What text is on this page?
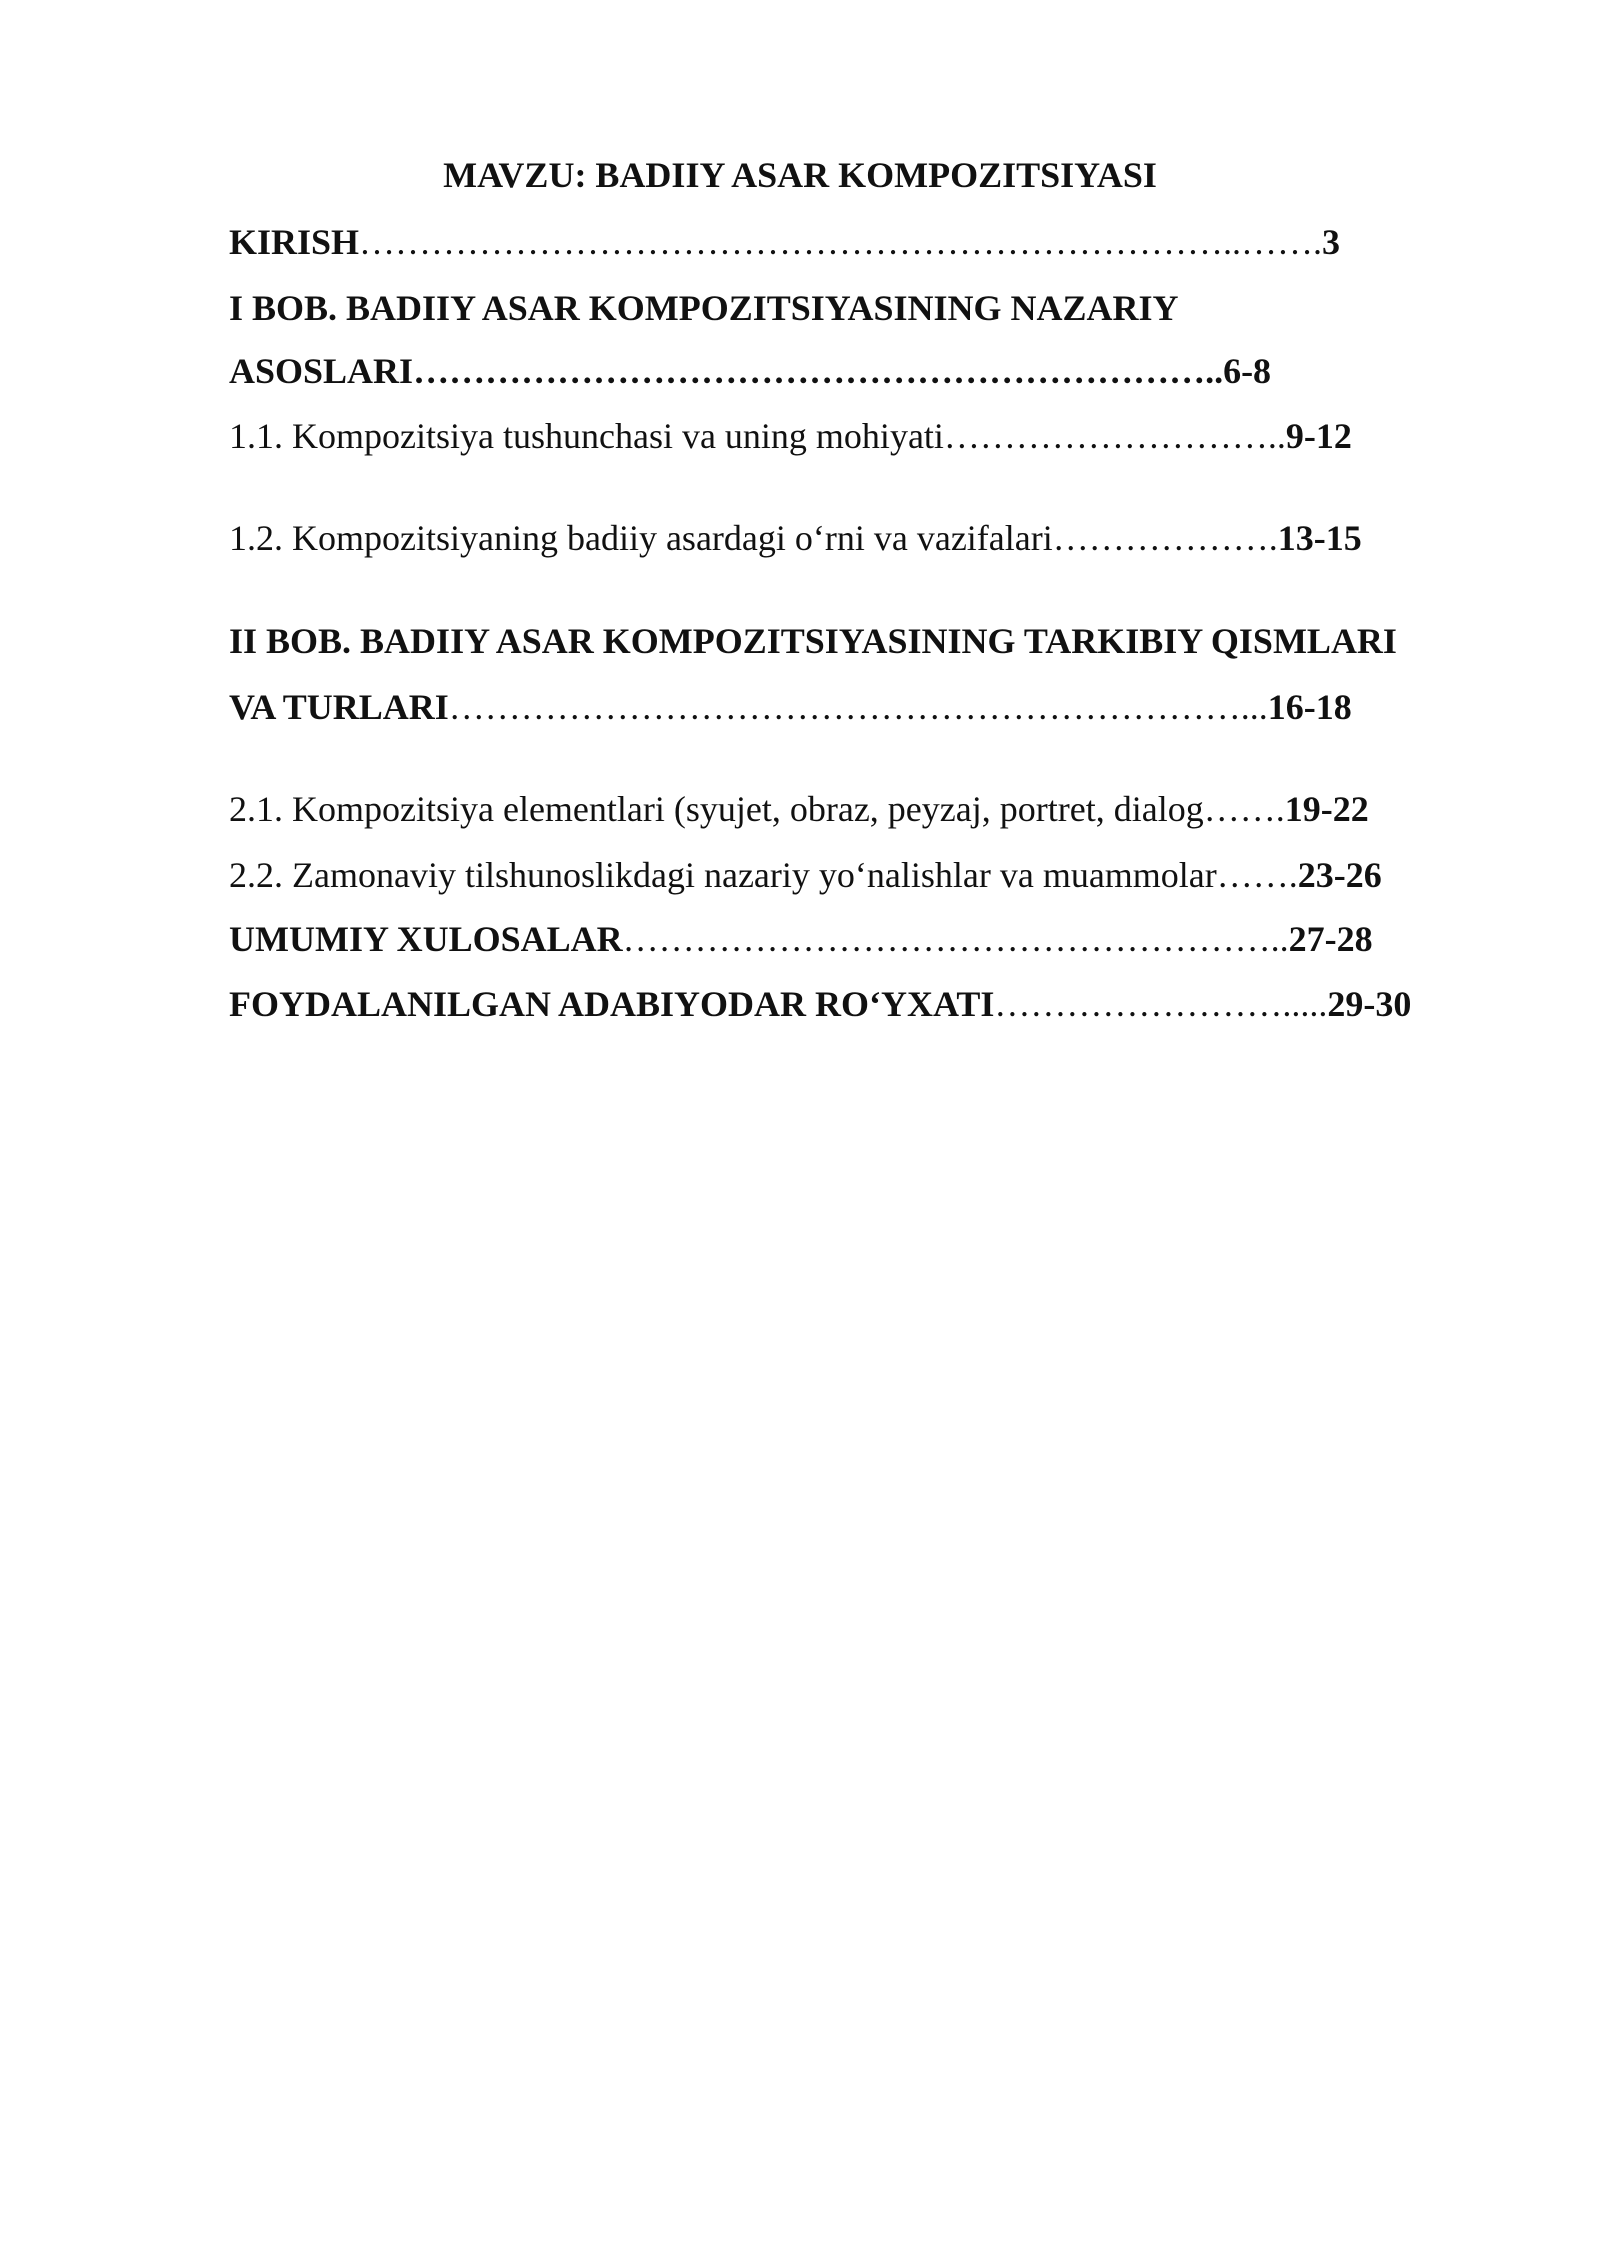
MAVZU: BADIIY ASAR KOMPOZITSIYASI
KIRISH………………………………………………………………..…….3
I BOB. BADIIY ASAR KOMPOZITSIYASINING NAZARIY
ASOSLARI…………………………………………………………..6-8
1.1. Kompozitsiya tushunchasi va uning mohiyati………………………..9-12
1.2. Kompozitsiyaning badiiy asardagi o‘rni va vazifalari……………….13-15
II BOB. BADIIY ASAR KOMPOZITSIYASINING TARKIBIY QISMLARI
VA TURLARI…………………………………………………………...16-18
2.1. Kompozitsiya elementlari (syujet, obraz, peyzaj, portret, dialog…….19-22
2.2. Zamonaviy tilshunoslikdagi nazariy yo‘nalishlar va muammolar…….23-26
UMUMIY XULOSALAR………………………………………………..27-28
FOYDALANILGAN ADABIYODAR RO‘YXATI…………………….....29-30
